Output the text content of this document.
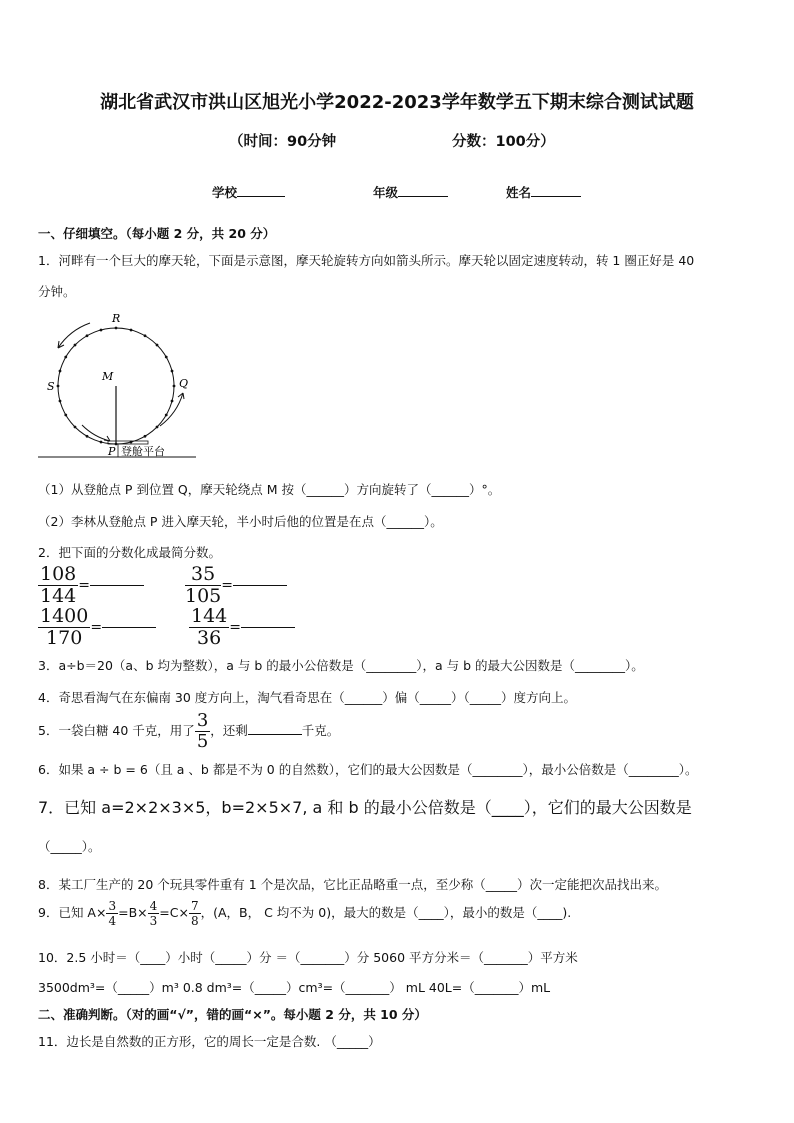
湖北省武汉市洪山区旭光小学2022-2023学年数学五下期末综合测试试题
（时间：90分钟	分数：100分）
学校	年级	姓名
一、仔细填空。（每小题 2 分，共 20 分）
1．河畔有一个巨大的摩天轮，下面是示意图，摩天轮旋转方向如箭头所示。摩天轮以固定速度转动，转 1 圈正好是 40
分钟。
R
S
M
Q
P 登舱平台
（1）从登舱点 P 到位置 Q，摩天轮绕点 M 按（______）方向旋转了（______）°。
（2）李林从登舱点 P 进入摩天轮，半小时后他的位置是在点（______）。
2．把下面的分数化成最简分数。
$\frac{108}{144}$ =	$\frac{35}{105}$ =
$\frac{1400}{170}$ =	$\frac{144}{36}$ =
3．a÷b＝20（a、b 均为整数），a 与 b 的最小公倍数是（________），a 与 b 的最大公因数是（________）。
4．奇思看淘气在东偏南 30 度方向上，淘气看奇思在（______）偏（_____）（_____）度方向上。
5．一袋白糖 40 千克，用了 $\frac{3}{5}$ ，还剩	千克。
6．如果 a ÷ b = 6（且 a 、b 都是不为 0 的自然数），它们的最大公因数是（________），最小公倍数是（________）。
7．已知 a=2×2×3×5，b=2×5×7, a 和 b 的最小公倍数是（____），它们的最大公因数是
（_____）。
8．某工厂生产的 20 个玩具零件重有 1 个是次品，它比正品略重一点，至少称（_____）次一定能把次品找出来。
9．已知 $A\times \frac{3}{4} =B\times \frac{4}{3} =C\times \frac{7}{8}$ ，(A，B， C 均不为 0)，最大的数是（____），最小的数是（____).
10．2.5 小时＝（____）小时（_____）分 ＝（_______）分 5060 平方分米＝（_______）平方米
3500dm³=（_____）m³ 0.8 dm³=（_____）cm³=（_______） mL 40L=（_______）mL
二、准确判断。（对的画“√”，错的画“×”。每小题 2 分，共 10 分）
11．边长是自然数的正方形，它的周长一定是合数. （_____）
